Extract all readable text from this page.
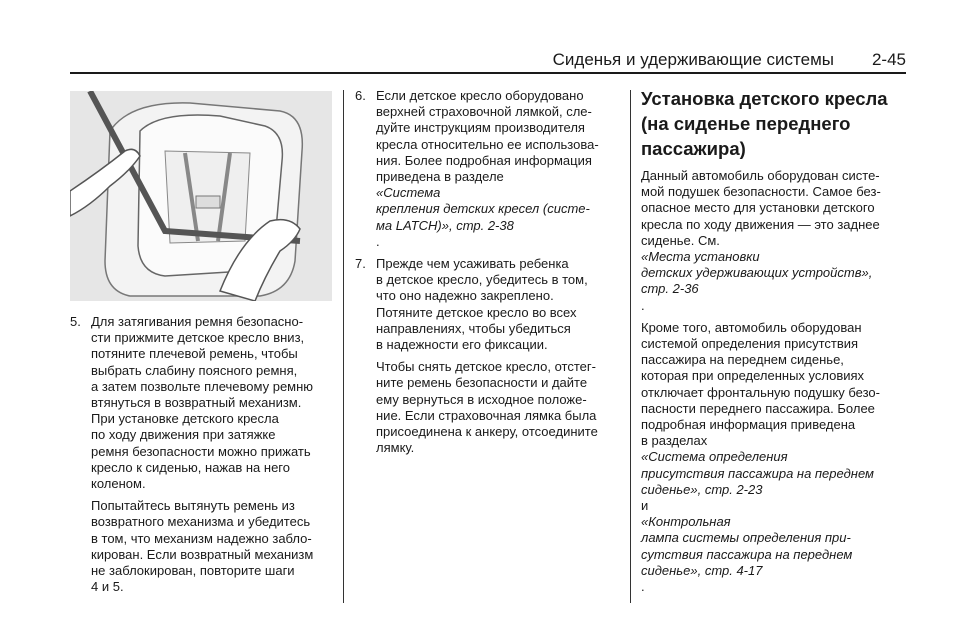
Сиденья и удерживающие системы 2-45
5. Для затягивания ремня безопасно-
сти прижмите детское кресло вниз,
потяните плечевой ремень, чтобы
выбрать слабину поясного ремня,
а затем позвольте плечевому ремню
втянуться в возвратный механизм.
При установке детского кресла
по ходу движения при затяжке
ремня безопасности можно прижать
кресло к сиденью, нажав на него
коленом.

Попытайтесь вытянуть ремень из
возвратного механизма и убедитесь
в том, что механизм надежно забло-
кирован. Если возвратный механизм
не заблокирован, повторите шаги
4 и 5.

6. Если детское кресло оборудовано
верхней страховочной лямкой, сле-
дуйте инструкциям производителя
кресла относительно ее использова-
ния. Более подробная информация
приведена в разделе
«Система
крепления детских кресел (систе-
ма LATCH)», стр. 2-38
.

7. Прежде чем усаживать ребенка
в детское кресло, убедитесь в том,
что оно надежно закреплено.
Потяните детское кресло во всех
направлениях, чтобы убедиться
в надежности его фиксации.

Чтобы снять детское кресло, отстег-
ните ремень безопасности и дайте
ему вернуться в исходное положе-
ние. Если страховочная лямка была
присоединена к анкеру, отсоедините
лямку.

Установка детского кресла
(на сиденье переднего
пассажира)

Данный автомобиль оборудован систе-
мой подушек безопасности. Самое без-
опасное место для установки детского
кресла по ходу движения — это заднее
сиденье. См.
«Места установки
детских удерживающих устройств»,
стр. 2-36
.

Кроме того, автомобиль оборудован
системой определения присутствия
пассажира на переднем сиденье,
которая при определенных условиях
отключает фронтальную подушку безо-
пасности переднего пассажира. Более
подробная информация приведена
в разделах
«Система определения
присутствия пассажира на переднем
сиденье», стр. 2-23
и
«Контрольная
лампа системы определения при-
сутствия пассажира на переднем
сиденье», стр. 4-17
.
